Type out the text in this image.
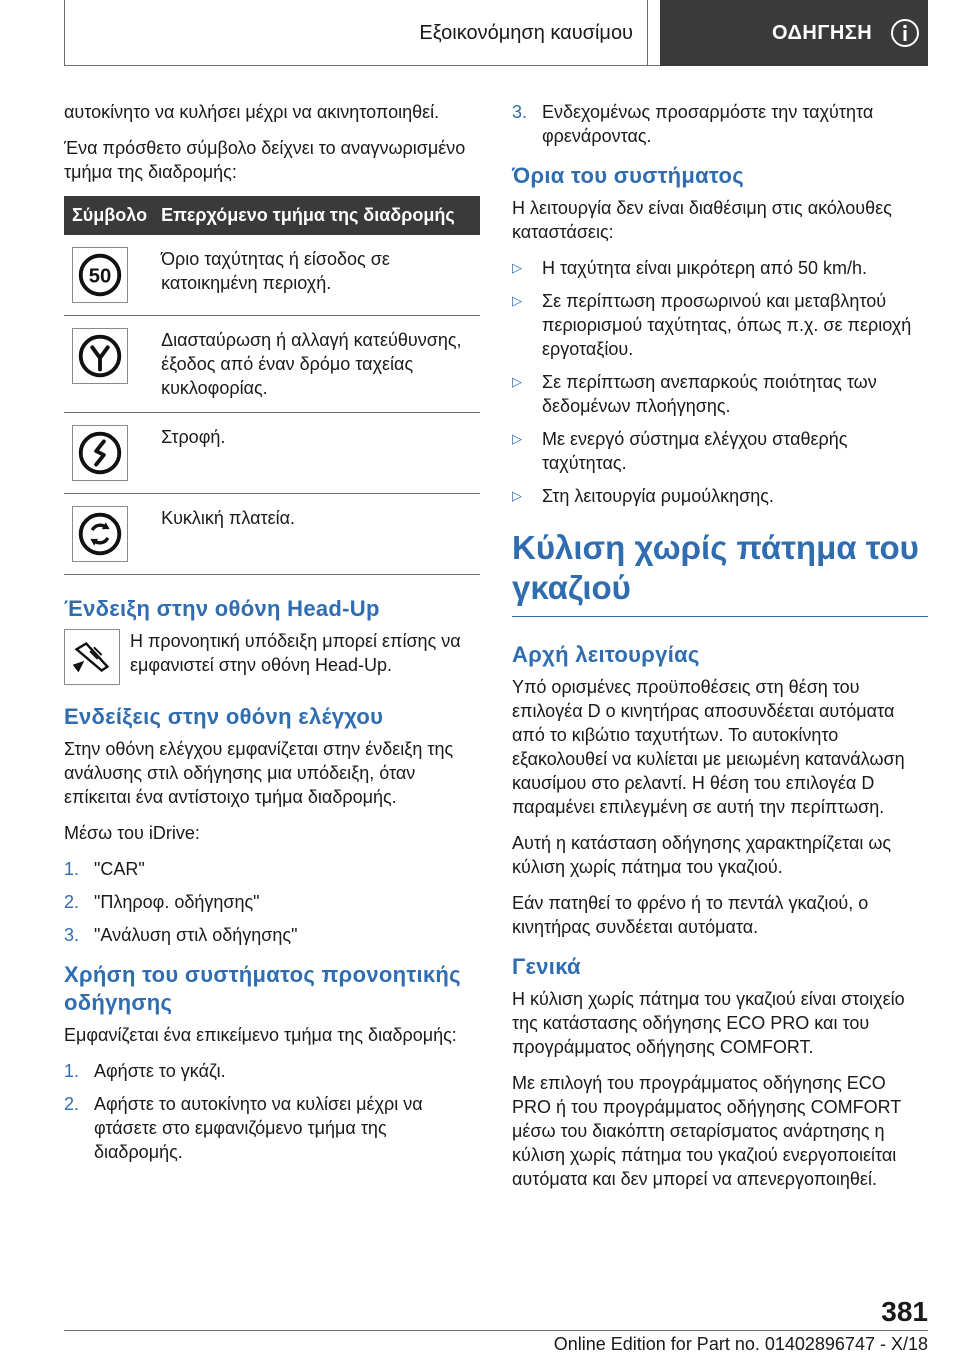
Εξοικονόμηση καυσίμου	ΟΔΗΓΗΣΗ

αυτοκίνητο να κυλήσει μέχρι να ακινητοποιηθεί.

Ένα πρόσθετο σύμβολο δείχνει το αναγνωρισμένο τμήμα της διαδρομής:

Σύμβολο	Επερχόμενο τμήμα της διαδρομής

50	Όριο ταχύτητας ή είσοδος σε κατοικημένη περιοχή.

	Διασταύρωση ή αλλαγή κατεύθυνσης, έξοδος από έναν δρόμο ταχείας κυκλοφορίας.

	Στροφή.

	Κυκλική πλατεία.
Ένδειξη στην οθόνη Head-Up
Η προνοητική υπόδειξη μπορεί επίσης να εμφανιστεί στην οθόνη Head-Up.
Ενδείξεις στην οθόνη ελέγχου

Στην οθόνη ελέγχου εμφανίζεται στην ένδειξη της ανάλυσης στιλ οδήγησης μια υπόδειξη, όταν επίκειται ένα αντίστοιχο τμήμα διαδρομής.

Μέσω του iDrive:

1. "CAR"
2. "Πληροφ. οδήγησης"
3. "Ανάλυση στιλ οδήγησης"
Χρήση του συστήματος προνοητικής οδήγησης

Εμφανίζεται ένα επικείμενο τμήμα της διαδρομής:

1. Αφήστε το γκάζι.
2. Αφήστε το αυτοκίνητο να κυλίσει μέχρι να φτάσετε στο εμφανιζόμενο τμήμα της διαδρομής.
3. Ενδεχομένως προσαρμόστε την ταχύτητα φρενάροντας.
Όρια του συστήματος

Η λειτουργία δεν είναι διαθέσιμη στις ακόλουθες καταστάσεις:

▷	Η ταχύτητα είναι μικρότερη από 50 km/h.
▷	Σε περίπτωση προσωρινού και μεταβλητού περιορισμού ταχύτητας, όπως π.χ. σε περιοχή εργοταξίου.
▷	Σε περίπτωση ανεπαρκούς ποιότητας των δεδομένων πλοήγησης.
▷	Με ενεργό σύστημα ελέγχου σταθερής ταχύτητας.
▷	Στη λειτουργία ρυμούλκησης.
Κύλιση χωρίς πάτημα του γκαζιού
Αρχή λειτουργίας

Υπό ορισμένες προϋποθέσεις στη θέση του επιλογέα D ο κινητήρας αποσυνδέεται αυτόματα από το κιβώτιο ταχυτήτων. Το αυτοκίνητο εξακολουθεί να κυλίεται με μειωμένη κατανάλωση καυσίμου στο ρελαντί. Η θέση του επιλογέα D παραμένει επιλεγμένη σε αυτή την περίπτωση.

Αυτή η κατάσταση οδήγησης χαρακτηρίζεται ως κύλιση χωρίς πάτημα του γκαζιού.

Εάν πατηθεί το φρένο ή το πεντάλ γκαζιού, ο κινητήρας συνδέεται αυτόματα.

Γενικά

Η κύλιση χωρίς πάτημα του γκαζιού είναι στοιχείο της κατάστασης οδήγησης ECO PRO και του προγράμματος οδήγησης COMFORT.

Με επιλογή του προγράμματος οδήγησης ECO PRO ή του προγράμματος οδήγησης COMFORT μέσω του διακόπτη σεταρίσματος ανάρτησης η κύλιση χωρίς πάτημα του γκαζιού ενεργοποιείται αυτόματα και δεν μπορεί να απενεργοποιηθεί.

381
Online Edition for Part no. 01402896747 - X/18
